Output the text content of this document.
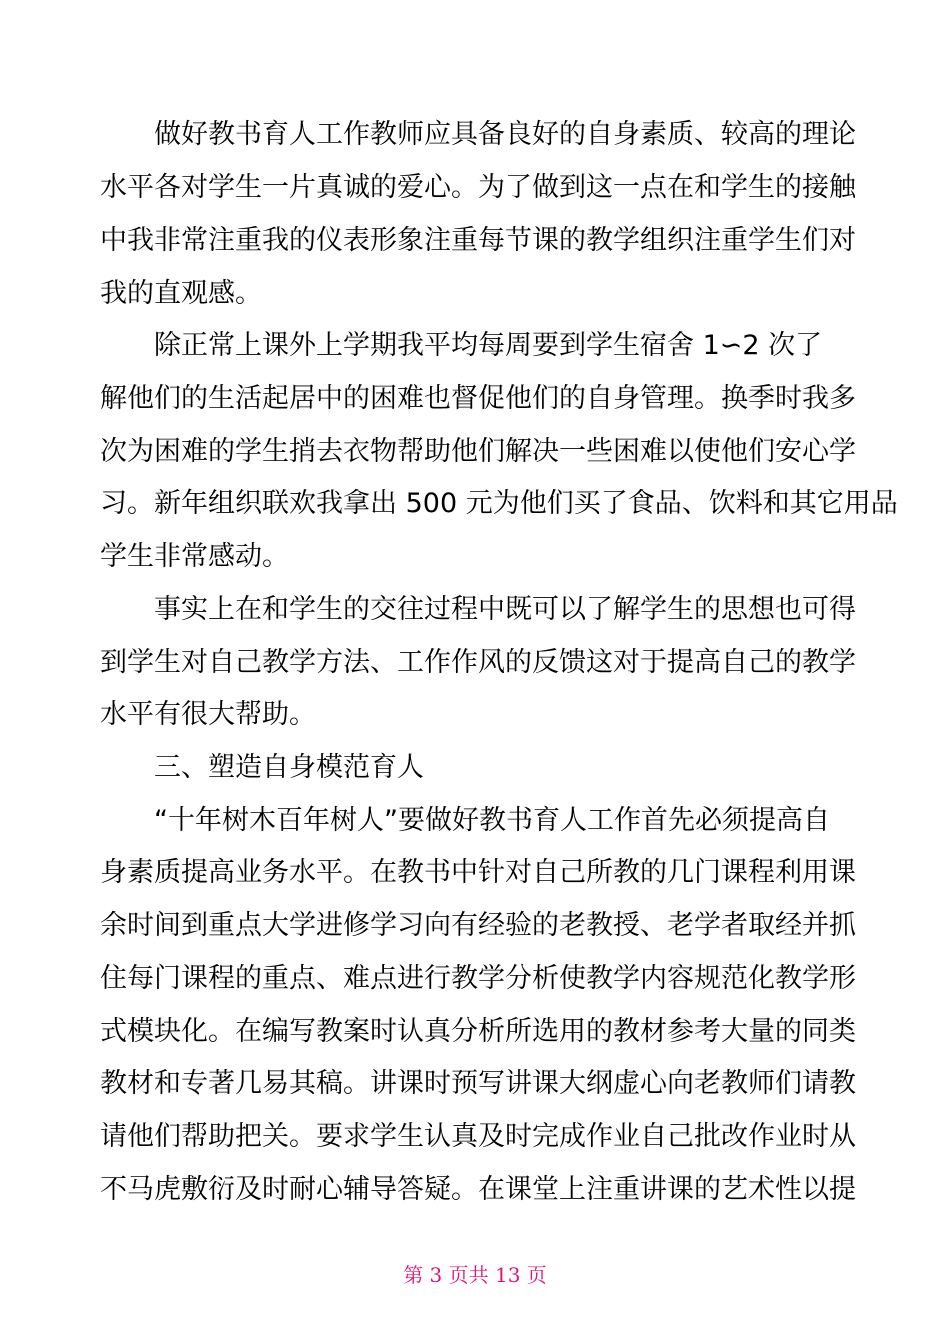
　　做好教书育人工作教师应具备良好的自身素质、较高的理论
水平各对学生一片真诚的爱心。为了做到这一点在和学生的接触
中我非常注重我的仪表形象注重每节课的教学组织注重学生们对
我的直观感。
　　除正常上课外上学期我平均每周要到学生宿舍 1∽2 次了
解他们的生活起居中的困难也督促他们的自身管理。换季时我多
次为困难的学生捎去衣物帮助他们解决一些困难以使他们安心学
习。新年组织联欢我拿出 500 元为他们买了食品、饮料和其它用品
学生非常感动。
　　事实上在和学生的交往过程中既可以了解学生的思想也可得
到学生对自己教学方法、工作作风的反馈这对于提高自己的教学
水平有很大帮助。
　　三、塑造自身模范育人
　　“十年树木百年树人”要做好教书育人工作首先必须提高自
身素质提高业务水平。在教书中针对自己所教的几门课程利用课
余时间到重点大学进修学习向有经验的老教授、老学者取经并抓
住每门课程的重点、难点进行教学分析使教学内容规范化教学形
式模块化。在编写教案时认真分析所选用的教材参考大量的同类
教材和专著几易其稿。讲课时预写讲课大纲虚心向老教师们请教
请他们帮助把关。要求学生认真及时完成作业自己批改作业时从
不马虎敷衍及时耐心辅导答疑。在课堂上注重讲课的艺术性以提
第 3 页共 13 页
